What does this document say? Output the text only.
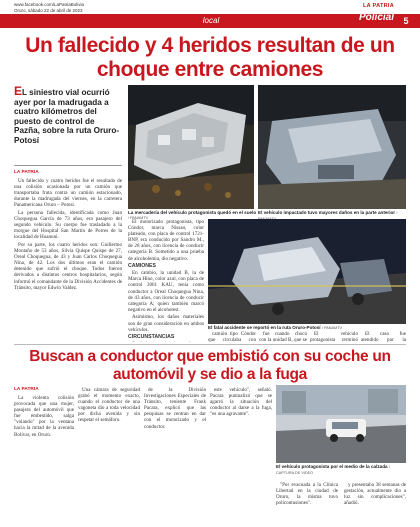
www.facebook.com/LaPatriaBolivia
Oruro, sábado 22 de abril de 2023
local
LA PATRIA
Policial	5
Un fallecido y 4 heridos resultan de un choque entre camiones
EL siniestro vial ocurrió ayer por la madrugada a cuatro kilómetros del puesto de control de Pazña, sobre la ruta Oruro-Potosí
LA PATRIA

Un fallecido y cuatro heridos fue el resultado de una colisión ocasionada por un camión que transportaba fruta contra un camión estacionado, durante la madrugada del viernes, en la carretera Panamericana Oruro – Potosí.

La persona fallecida, identificada como Juan Choquegua García de 73 años, era pasajero del segundo vehículo. Su cuerpo fue trasladado a la morgue del Hospital San Martín de Porres de la localidad de Huanuni.

Por su parte, los cuatro heridos son: Guillermo Montaño de 53 años, Silvia Quispe Quispe de 27, Oreal Choquegua, de 43 y Juan Carlos Choquegua Nina, de 42. Los dos últimos eran el camión detenido que sufrió el choque. Todos fueron derivados a distintos centros hospitalarios, según informó el comandante de la División Accidentes de Tránsito, mayor Edwin Valdez.

La mercadería del vehículo protagonista quedó en el suelo / PANAMTV
El vehículo impactado tuvo mayores daños en la parte anterior /

El motorizado protagonista, tipo Cóndor, marca Nissan, color plateado, con placa de control 1721-BNP, era conducido por Sandro M., de 28 años, con licencia de conducir categoría B. Sometido a una prueba de alcoholemia, dio negativo.

CAMIONES

En cambio, la unidad B, la de Marca Hino, color azul, con placa de control 3061 KAU, tenía como conductor a Oreal Choquegua Nina, de 43 años, con licencia de conducir categoría A; quien también marcó negativo en el alcohotest.

Asimismo, los daños materiales son de gran consideración en ambos vehículos.

CIRCUNSTANCIAS

El fatal accidente se reportó en la ruta Oruro-Potosí / PANAMTV

camión tipo Cóndor que circulaba con

fue cuando chocó con la unidad B, que se

El vehículo protagonista terminó

El caso fue atendido por la

Buscan a conductor que embistió con su coche un automóvil y se dio a la fuga
LA PATRIA

La violenta colisión provocada que una mujer, pasajera del automóvil que fue embestido, salga "volando" por la ventana hacia la mitad de la avenida Bolívar, en Oruro.

Una cámara de seguridad grabó el momento exacto, cuando el conductor de una vagoneta dio a toda velocidad por dicha avenida y sin respetar el semáforo.

de la División Investigaciones Especiales de Tránsito, teniente Frank Pacara, explicó que las pesquisas se centran en dar con el motorizado y el conductor.

este vehículo", señaló. Pacara puntualizó que se agarró la situación del conductor al darse a la fuga, "es una agravante".

El vehículo protagonista por el medio de la calzada / CAPTURA DE VIDEO

"Por evacuada a la Clínica Libertad en la ciudad de Oruro, la misma tuvo policontusiones".

y presentaba 38 semanas de gestación, actualmente dio a luz sin complicaciones", añadió.
